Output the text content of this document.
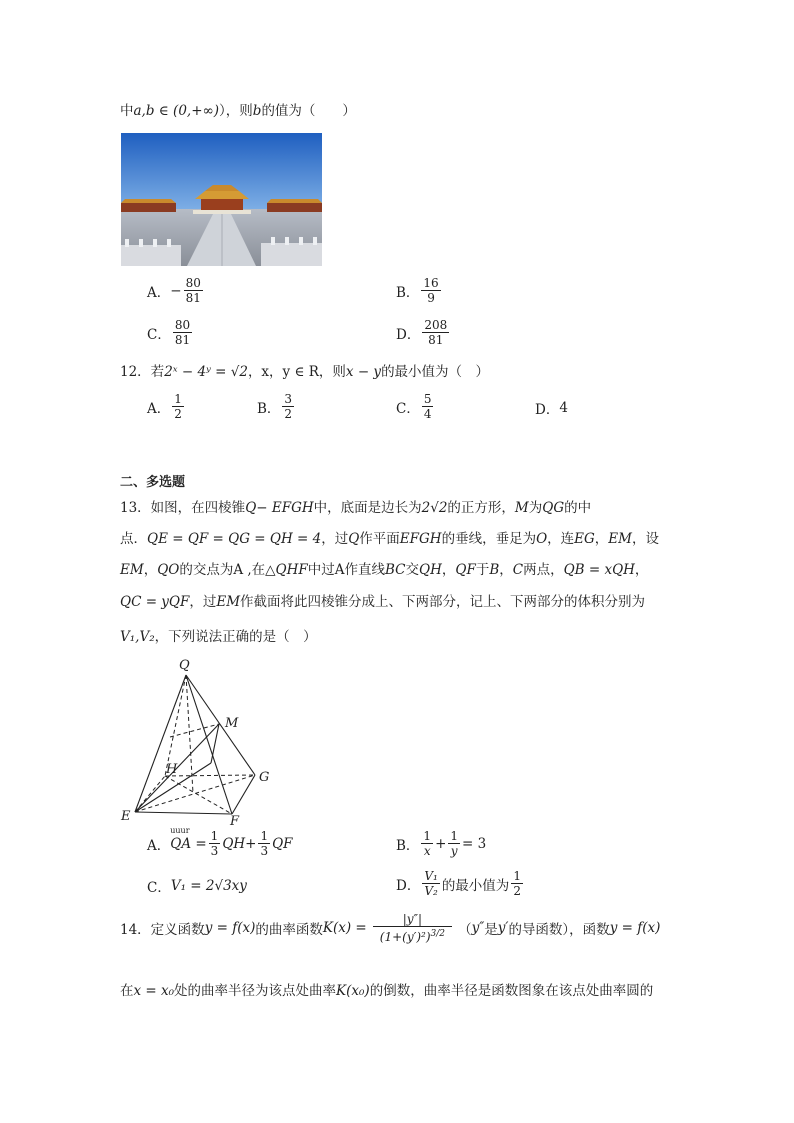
中a,b ∈ (0,+∞)），则b的值为（　　）
A． − $\frac{80}{81}$	B． $\frac{16}{9}$
C． $\frac{80}{81}$	D． $\frac{208}{81}$
12．若2ˣ − 4ʸ = √2，x，y ∈ R，则x − y的最小值为（　）
A． $\frac{1}{2}$	B． $\frac{3}{2}$	C． $\frac{5}{4}$	D． 4
二、多选题
13．如图，在四棱锥Q− EFGH中，底面是边长为2√2的正方形，M为QG的中
点．QE = QF = QG = QH = 4，过Q作平面EFGH的垂线，垂足为O，连EG，EM，设
EM，QO的交点为A ,在△QHF中过A作直线BC交QH，QF于B，C两点，QB = xQH，
QC = yQF，过EM作截面将此四棱锥分成上、下两部分，记上、下两部分的体积分别为
V₁,V₂，下列说法正确的是（　）
Q
M
H
G
E	F
A．
uuur
QA = $\frac{1}{3}$ QH + $\frac{1}{3}$ QF	B． $\frac{1}{x} + \frac{1}{y} = 3$
C． V₁ = 2√3xy	D． $\frac{\text{V₁}}{\text{V₂}}$ 的最小值为 $\frac{1}{2}$
14．定义函数 y = f(x) 的曲率函数 $K(x) = \frac{|y''|}{(1+(y')^2)^{3/2}}$ （ y″ 是 y′ 的导函数），函数 y = f(x)
在x = x₀处的曲率半径为该点处曲率K(x₀)的倒数，曲率半径是函数图象在该点处曲率圆的
